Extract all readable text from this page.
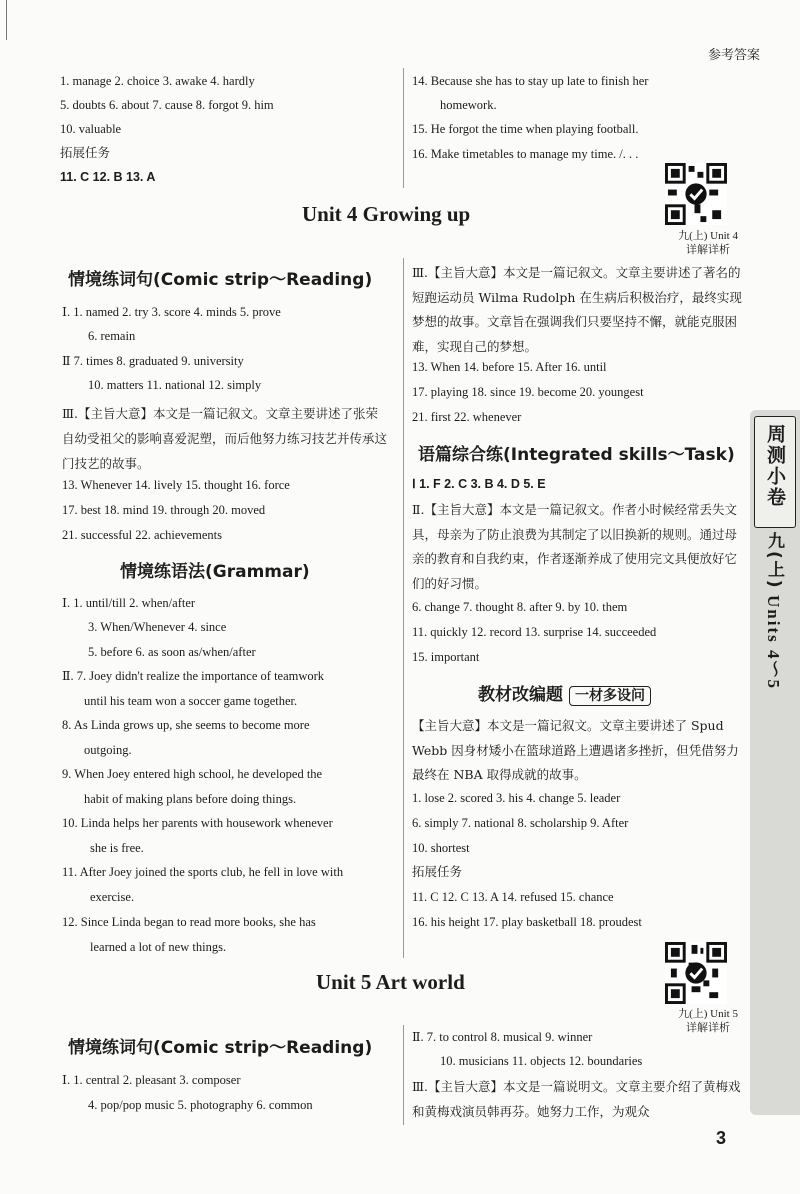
参考答案
周测小卷
九(上)
Units 4～5
1. manage 2. choice 3. awake 4. hardly
5. doubts 6. about 7. cause 8. forgot 9. him
10. valuable
拓展任务
11. C 12. B 13. A
14. Because she has to stay up late to finish her
homework.
15. He forgot the time when playing football.
16. Make timetables to manage my time. /. . .
Unit 4 Growing up
九(上) Unit 4
详解详析
情境练词句(Comic strip～Reading)
Ⅰ. 1. named 2. try 3. score 4. minds 5. prove
6. remain
Ⅱ 7. times 8. graduated 9. university
10. matters 11. national 12. simply
Ⅲ.【主旨大意】本文是一篇记叙文。文章主要讲述了张荣自幼受祖父的影响喜爱泥塑，而后他努力练习技艺并传承这门技艺的故事。
13. Whenever 14. lively 15. thought 16. force
17. best 18. mind 19. through 20. moved
21. successful 22. achievements
情境练语法(Grammar)
Ⅰ. 1. until/till 2. when/after
3. When/Whenever 4. since
5. before 6. as soon as/when/after
Ⅱ. 7. Joey didn't realize the importance of teamwork
until his team won a soccer game together.
8. As Linda grows up, she seems to become more
outgoing.
9. When Joey entered high school, he developed the
habit of making plans before doing things.
10. Linda helps her parents with housework whenever
she is free.
11. After Joey joined the sports club, he fell in love with
exercise.
12. Since Linda began to read more books, she has
learned a lot of new things.
Ⅲ.【主旨大意】本文是一篇记叙文。文章主要讲述了著名的短跑运动员 Wilma Rudolph 在生病后积极治疗，最终实现梦想的故事。文章旨在强调我们只要坚持不懈，就能克服困难，实现自己的梦想。
13. When 14. before 15. After 16. until
17. playing 18. since 19. become 20. youngest
21. first 22. whenever
语篇综合练(Integrated skills～Task)
Ⅰ 1. F 2. C 3. B 4. D 5. E
Ⅱ.【主旨大意】本文是一篇记叙文。作者小时候经常丢失文具，母亲为了防止浪费为其制定了以旧换新的规则。通过母亲的教育和自我约束，作者逐渐养成了使用完文具便放好它们的好习惯。
6. change 7. thought 8. after 9. by 10. them
11. quickly 12. record 13. surprise 14. succeeded
15. important
教材改编题 一材多设问
【主旨大意】本文是一篇记叙文。文章主要讲述了 Spud Webb 因身材矮小在篮球道路上遭遇诸多挫折，但凭借努力最终在 NBA 取得成就的故事。
1. lose 2. scored 3. his 4. change 5. leader
6. simply 7. national 8. scholarship 9. After
10. shortest
拓展任务
11. C 12. C 13. A 14. refused 15. chance
16. his height 17. play basketball 18. proudest
Unit 5 Art world
九(上) Unit 5
详解详析
情境练词句(Comic strip～Reading)
Ⅰ. 1. central 2. pleasant 3. composer
4. pop/pop music 5. photography 6. common
Ⅱ. 7. to control 8. musical 9. winner
10. musicians 11. objects 12. boundaries
Ⅲ.【主旨大意】本文是一篇说明文。文章主要介绍了黄梅戏和黄梅戏演员韩再芬。她努力工作，为观众
3
